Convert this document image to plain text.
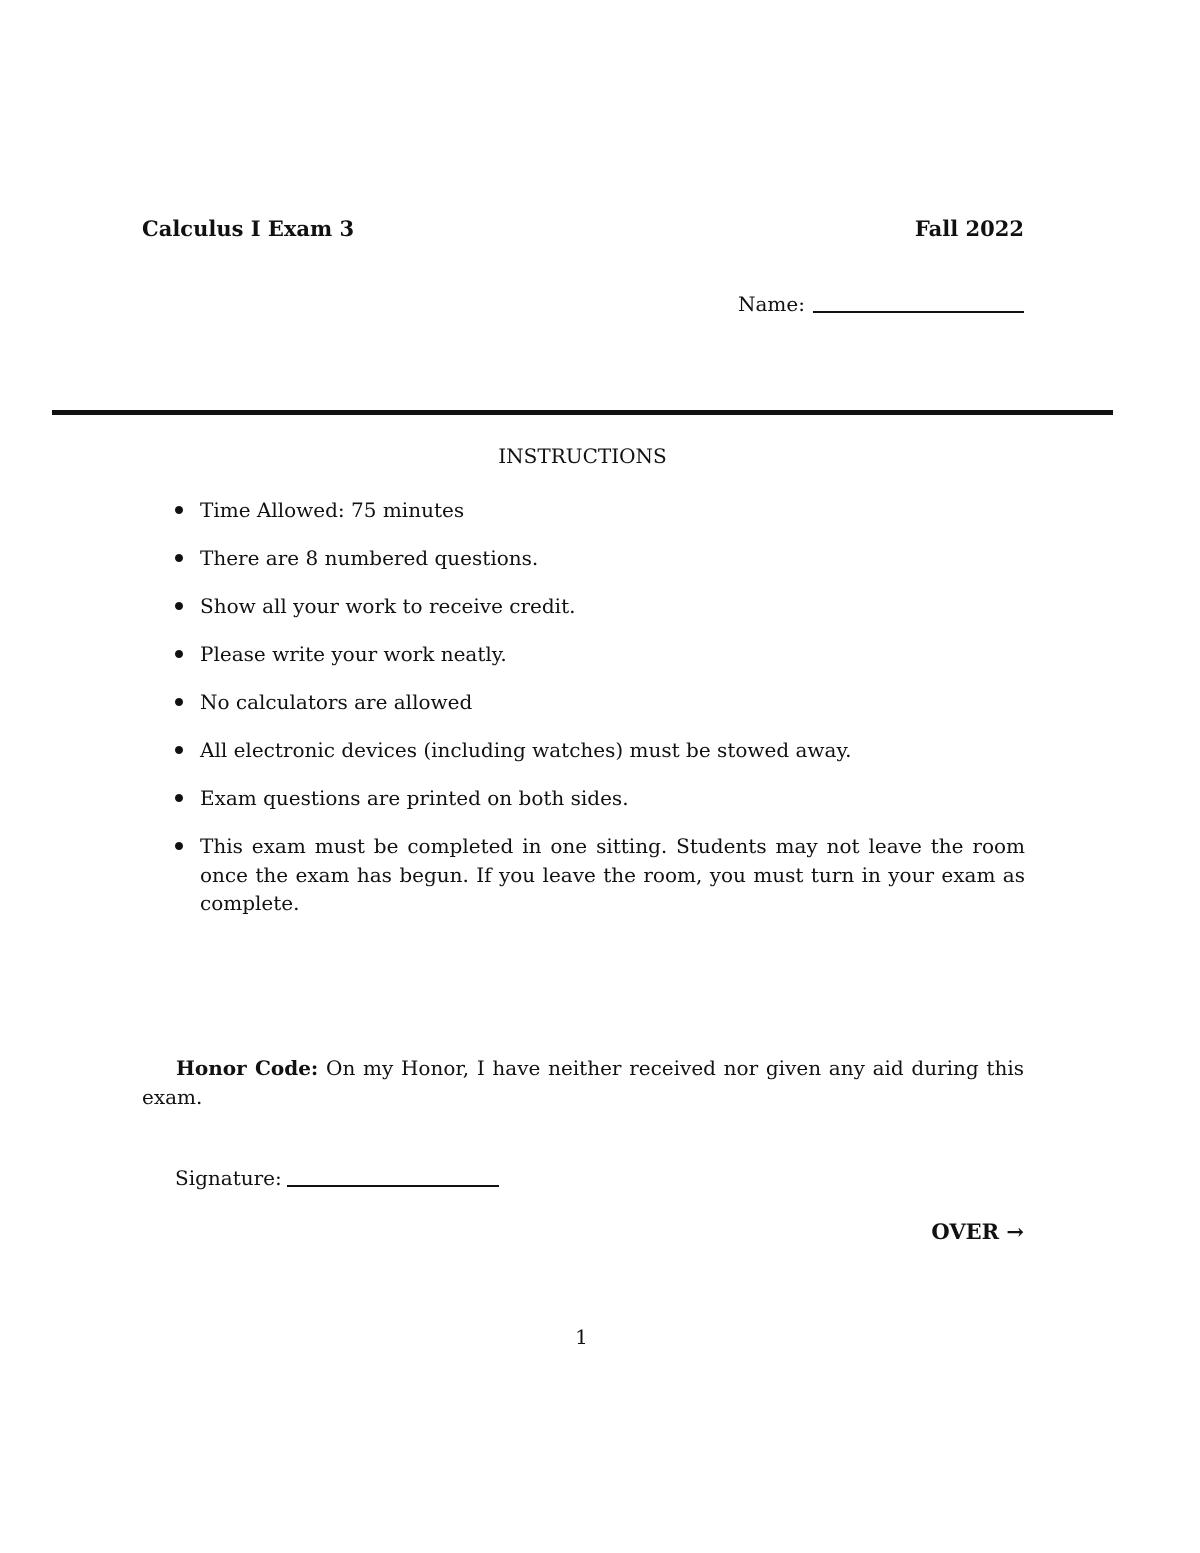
Calculus I Exam 3	Fall 2022
Name:
INSTRUCTIONS
Time Allowed: 75 minutes
There are 8 numbered questions.
Show all your work to receive credit.
Please write your work neatly.
No calculators are allowed
All electronic devices (including watches) must be stowed away.
Exam questions are printed on both sides.
This exam must be completed in one sitting. Students may not leave the room once the exam has begun. If you leave the room, you must turn in your exam as complete.

Honor Code: On my Honor, I have neither received nor given any aid during this exam.

Signature:
OVER →
1
